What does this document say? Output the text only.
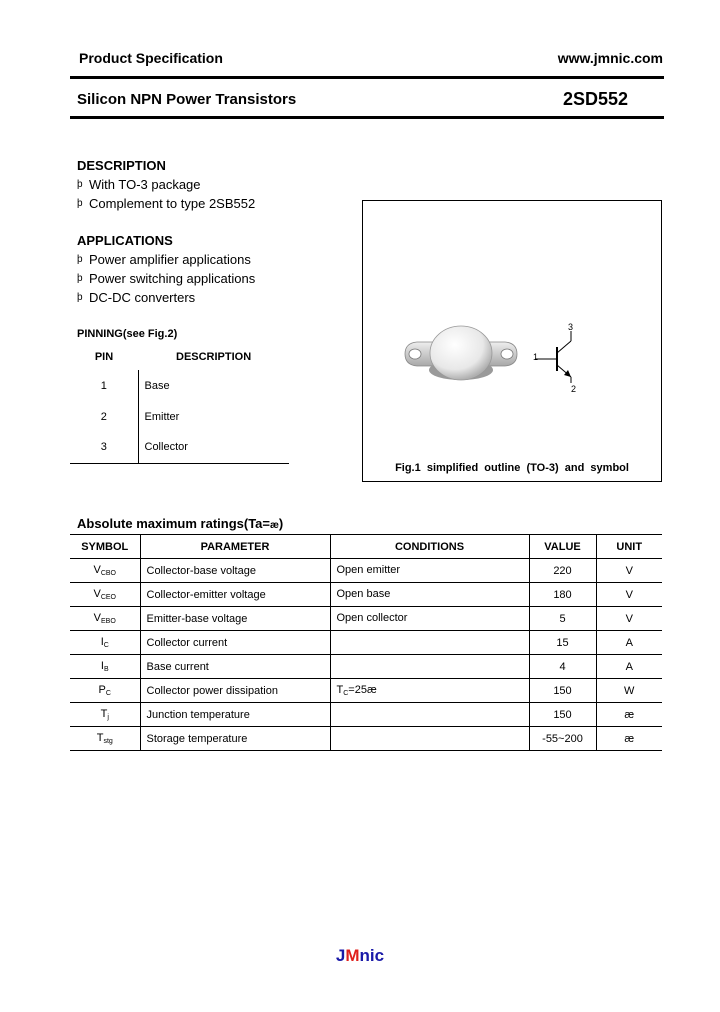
Product Specification	www.jmnic.com
Silicon NPN Power Transistors	2SD552
DESCRIPTION
þ With TO-3 package
þ Complement to type 2SB552
APPLICATIONS
þ Power amplifier applications
þ Power switching applications
þ DC-DC converters
PINNING(see Fig.2)
PIN	DESCRIPTION
1	Base
2	Emitter
3	Collector
3
1
2
Fig.1  simplified  outline  (TO-3)  and  symbol
Absolute maximum ratings(Ta=æ)
SYMBOL	PARAMETER	CONDITIONS	VALUE	UNIT
$V_{CBO}$	Collector-base voltage	Open emitter	220	V
$V_{CEO}$	Collector-emitter voltage	Open base	180	V
$V_{EBO}$	Emitter-base voltage	Open collector	5	V
$I_C$	Collector current		15	A
$I_B$	Base current		4	A
$P_C$	Collector power dissipation	$T_C=25æ$	150	W
$T_j$	Junction temperature		150	æ
$T_{stg}$	Storage temperature		-55~200	æ
JMnic
